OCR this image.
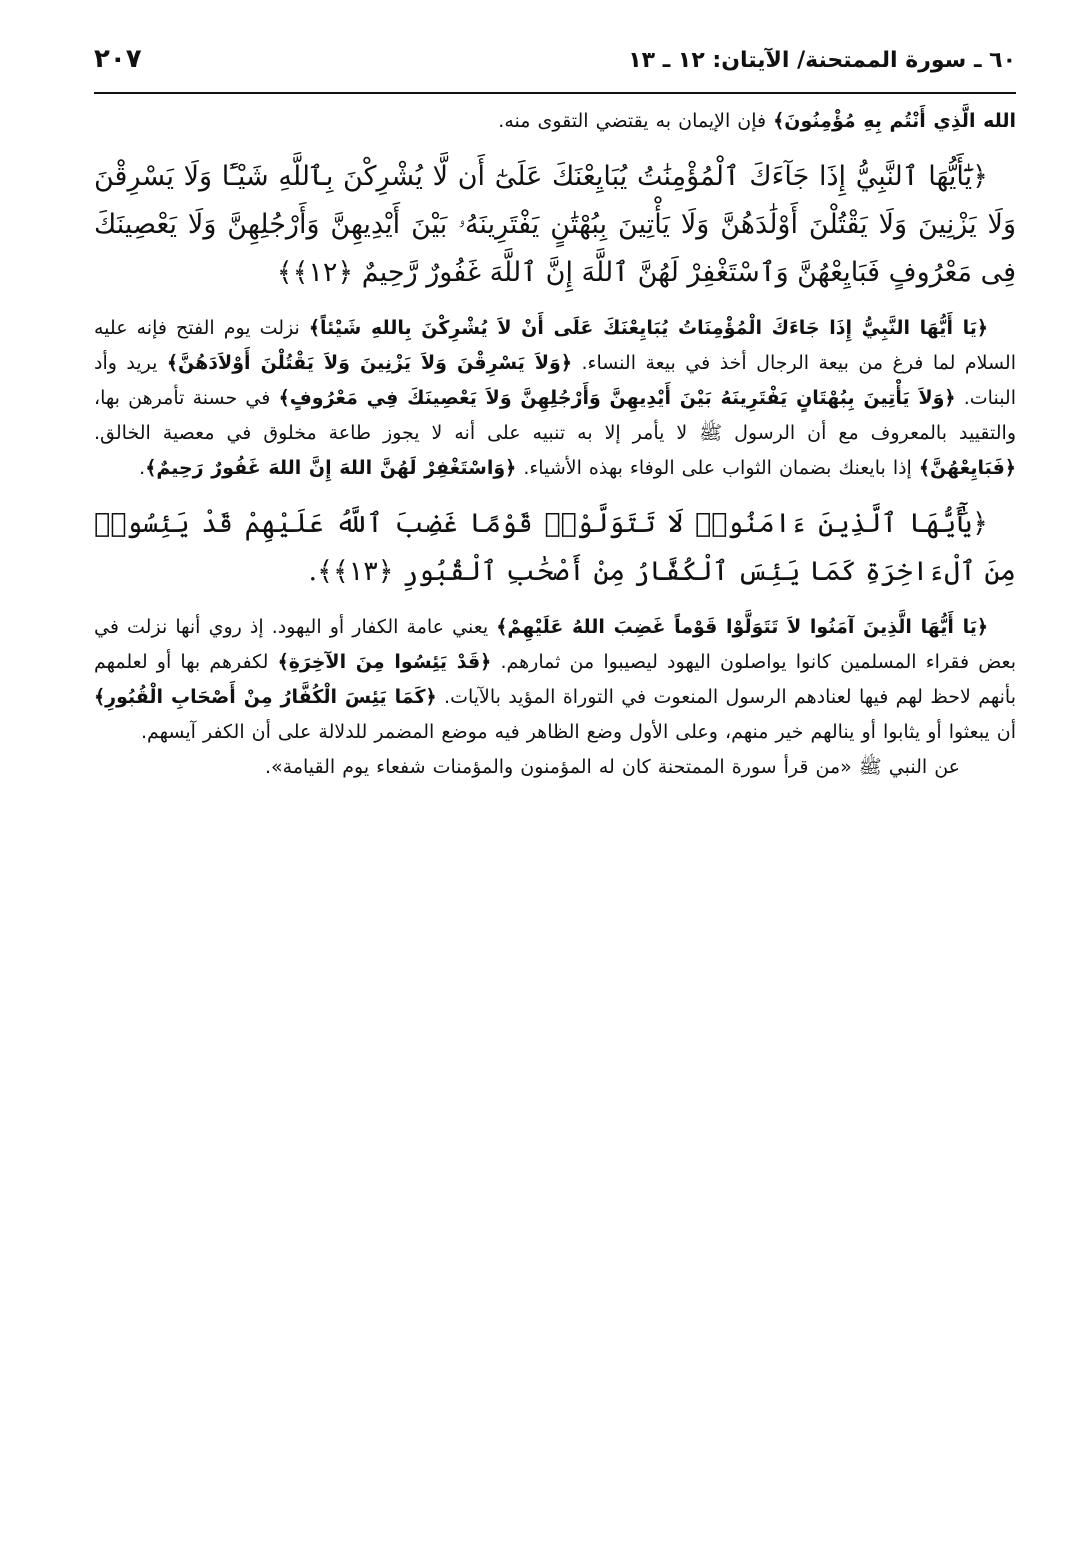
٦٠ ـ سورة الممتحنة/ الآيتان: ١٢ ـ ١٣
٢٠٧

الله الَّذِي أَنْتُم بِهِ مُؤْمِنُونَ﴾ فإن الإيمان به يقتضي التقوى منه.

﴿يَٰٓأَيُّهَا ٱلنَّبِيُّ إِذَا جَآءَكَ ٱلْمُؤْمِنَٰتُ يُبَايِعْنَكَ عَلَىٰٓ أَن لَّا يُشْرِكْنَ بِٱللَّهِ شَيْـًٔا وَلَا يَسْرِقْنَ وَلَا يَزْنِينَ وَلَا يَقْتُلْنَ أَوْلَٰدَهُنَّ وَلَا يَأْتِينَ بِبُهْتَٰنٍ يَفْتَرِينَهُۥ بَيْنَ أَيْدِيهِنَّ وَأَرْجُلِهِنَّ وَلَا يَعْصِينَكَ فِى مَعْرُوفٍ فَبَايِعْهُنَّ وَٱسْتَغْفِرْ لَهُنَّ ٱللَّهَ إِنَّ ٱللَّهَ غَفُورٌ رَّحِيمٌ ﴿١٢﴾﴾

﴿يَا أَيُّهَا النَّبِيُّ إِذَا جَاءَكَ الْمُؤْمِنَاتُ يُبَايِعْنَكَ عَلَى أَنْ لاَ يُشْرِكْنَ بِاللهِ شَيْئاً﴾ نزلت يوم الفتح فإنه عليه السلام لما فرغ من بيعة الرجال أخذ في بيعة النساء. ﴿وَلاَ يَسْرِقْنَ وَلاَ يَزْنِينَ وَلاَ يَقْتُلْنَ أَوْلاَدَهُنَّ﴾ يريد وأد البنات. ﴿وَلاَ يَأْتِينَ بِبُهْتَانٍ يَفْتَرِينَهُ بَيْنَ أَيْدِيهِنَّ وَأَرْجُلِهِنَّ وَلاَ يَعْصِينَكَ فِي مَعْرُوفٍ﴾ في حسنة تأمرهن بها، والتقييد بالمعروف مع أن الرسول ﷺ لا يأمر إلا به تنبيه على أنه لا يجوز طاعة مخلوق في معصية الخالق. ﴿فَبَايِعْهُنَّ﴾ إذا بايعنك بضمان الثواب على الوفاء بهذه الأشياء. ﴿وَاسْتَغْفِرْ لَهُنَّ اللهَ إِنَّ اللهَ غَفُورٌ رَحِيمٌ﴾.

﴿يَٰٓأَيُّهَا ٱلَّذِينَ ءَامَنُوا۟ لَا تَتَوَلَّوْا۟ قَوْمًا غَضِبَ ٱللَّهُ عَلَيْهِمْ قَدْ يَئِسُوا۟ مِنَ ٱلْءَاخِرَةِ كَمَا يَئِسَ ٱلْكُفَّارُ مِنْ أَصْحَٰبِ ٱلْقُبُورِ ﴿١٣﴾﴾.

﴿يَا أَيُّهَا الَّذِينَ آمَنُوا لاَ تَتَوَلَّوْا قَوْماً غَضِبَ اللهُ عَلَيْهِمْ﴾ يعني عامة الكفار أو اليهود. إذ روي أنها نزلت في بعض فقراء المسلمين كانوا يواصلون اليهود ليصيبوا من ثمارهم. ﴿قَدْ يَئِسُوا مِنَ الآخِرَةِ﴾ لكفرهم بها أو لعلمهم بأنهم لاحظ لهم فيها لعنادهم الرسول المنعوت في التوراة المؤيد بالآيات. ﴿كَمَا يَئِسَ الْكُفَّارُ مِنْ أَصْحَابِ الْقُبُورِ﴾ أن يبعثوا أو يثابوا أو ينالهم خير منهم، وعلى الأول وضع الظاهر فيه موضع المضمر للدلالة على أن الكفر آيسهم.

عن النبي ﷺ «من قرأ سورة الممتحنة كان له المؤمنون والمؤمنات شفعاء يوم القيامة».
